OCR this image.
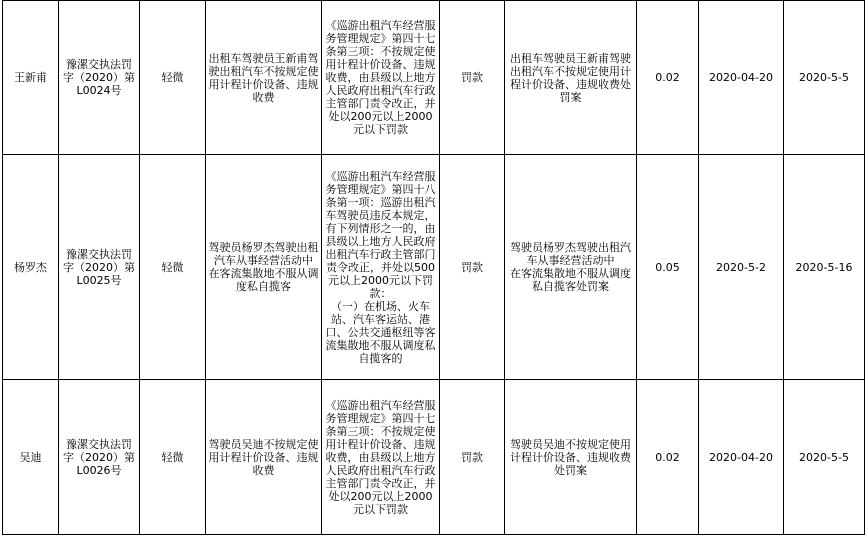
王新甫	豫漯交执法罚字（2020）第L0024号	轻微	出租车驾驶员王新甫驾驶出租汽车不按规定使用计程计价设备、违规收费	《巡游出租汽车经营服务管理规定》第四十七条第三项：不按规定使用计程计价设备、违规收费，由县级以上地方人民政府出租汽车行政主管部门责令改正，并处以200元以上2000元以下罚款	罚款	出租车驾驶员王新甫驾驶出租汽车不按规定使用计程计价设备、违规收费处罚案	0.02	2020-04-20	2020-5-5
杨罗杰	豫漯交执法罚字（2020）第L0025号	轻微	驾驶员杨罗杰驾驶出租汽车从事经营活动中
在客流集散地不服从调度私自揽客	《巡游出租汽车经营服务管理规定》第四十八条第一项：巡游出租汽车驾驶员违反本规定，有下列情形之一的，由县级以上地方人民政府出租汽车行政主管部门责令改正，并处以500元以上2000元以下罚款：
（一）在机场、火车站、汽车客运站、港口、公共交通枢纽等客流集散地不服从调度私自揽客的	罚款	驾驶员杨罗杰驾驶出租汽车从事经营活动中
在客流集散地不服从调度私自揽客处罚案	0.05	2020-5-2	2020-5-16
吴迪	豫漯交执法罚字（2020）第L0026号	轻微	驾驶员吴迪不按规定使用计程计价设备、违规收费	《巡游出租汽车经营服务管理规定》第四十七条第三项：不按规定使用计程计价设备、违规收费，由县级以上地方人民政府出租汽车行政主管部门责令改正，并处以200元以上2000元以下罚款	罚款	驾驶员吴迪不按规定使用计程计价设备、违规收费
处罚案	0.02	2020-04-20	2020-5-5
